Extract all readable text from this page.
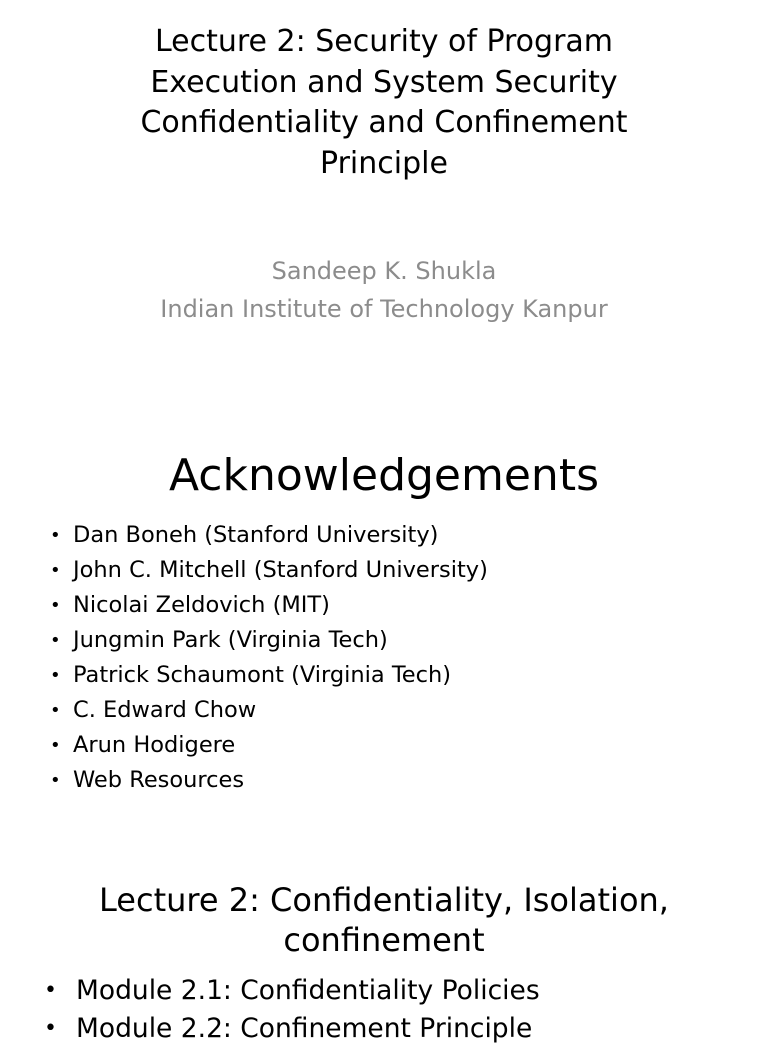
Lecture 2: Security of Program
Execution and System Security
Confidentiality and Confinement
Principle
Sandeep K. Shukla
Indian Institute of Technology Kanpur
Acknowledgements
• Dan Boneh (Stanford University)
• John C. Mitchell (Stanford University)
• Nicolai Zeldovich (MIT)
• Jungmin Park (Virginia Tech)
• Patrick Schaumont (Virginia Tech)
• C. Edward Chow
• Arun Hodigere
• Web Resources
Lecture 2: Confidentiality, Isolation,
confinement
• Module 2.1: Confidentiality Policies
• Module 2.2: Confinement Principle
